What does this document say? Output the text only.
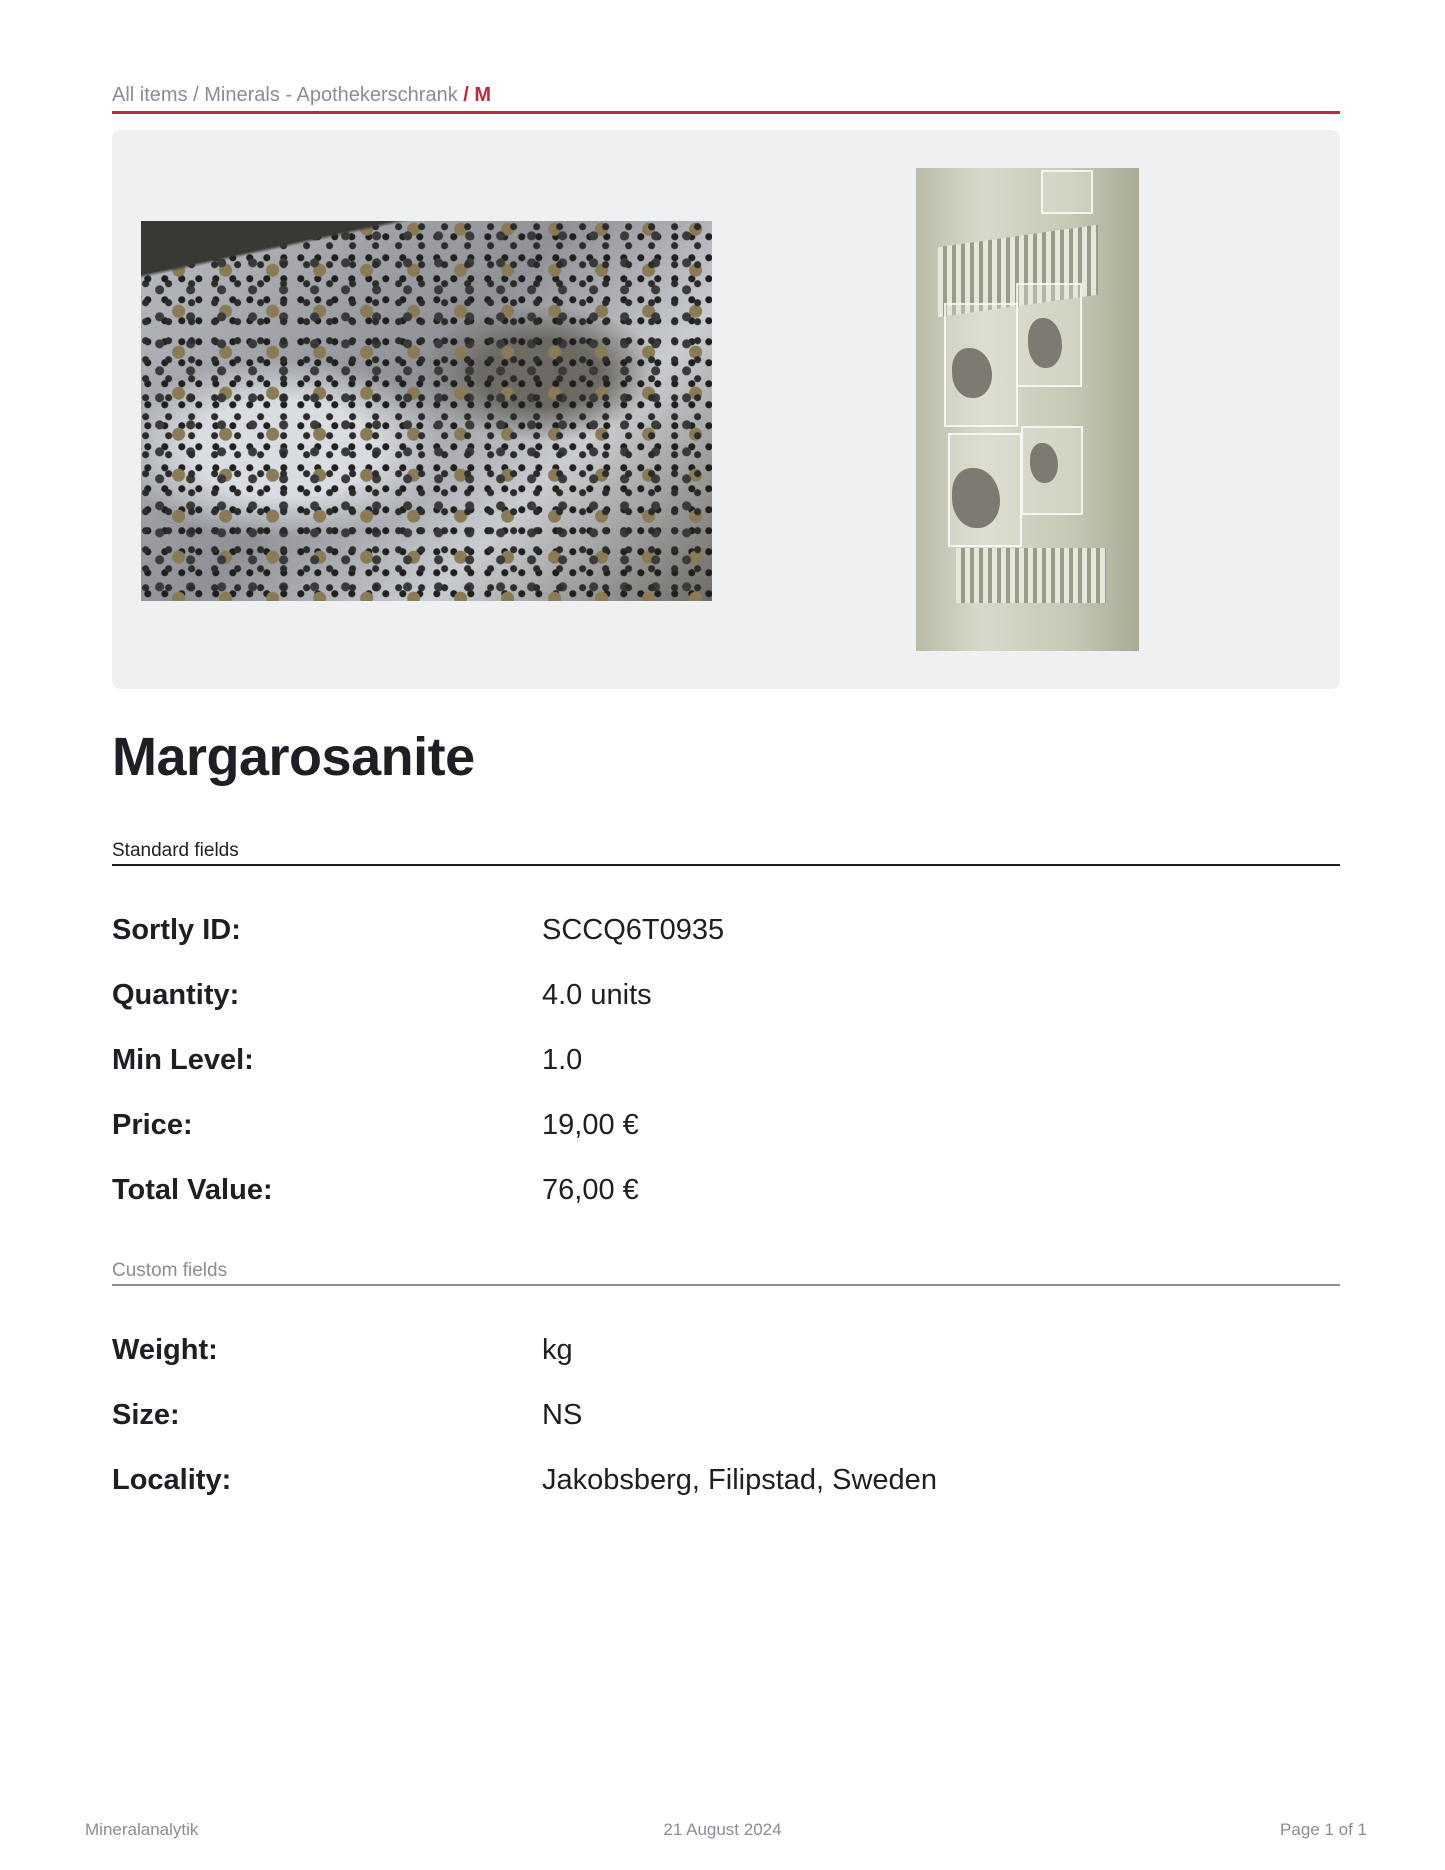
All items / Minerals - Apothekerschrank / M
Margarosanite
Standard fields
Sortly ID:	SCCQ6T0935
Quantity:	4.0 units
Min Level:	1.0
Price:	19,00 €
Total Value:	76,00 €
Custom fields
Weight:	kg
Size:	NS
Locality:	Jakobsberg, Filipstad, Sweden
Mineralanalytik	21 August 2024	Page 1 of 1
